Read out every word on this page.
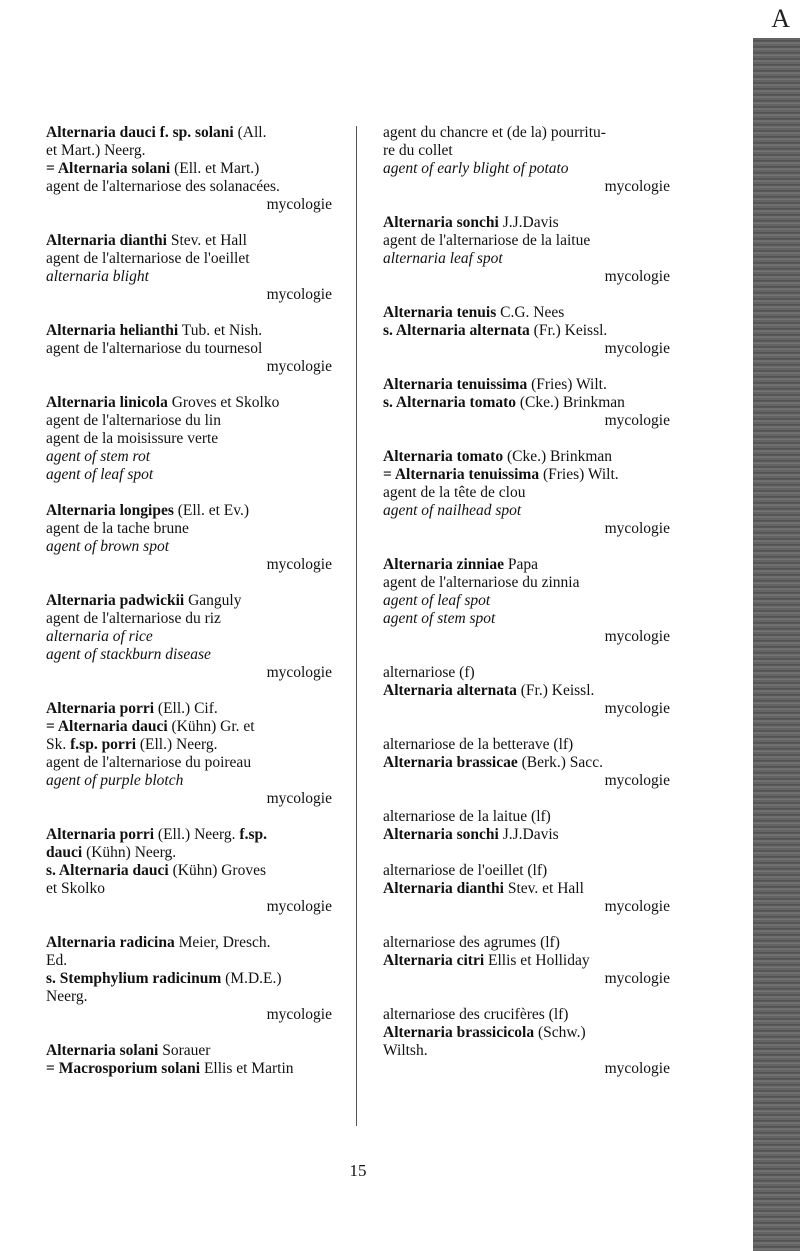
A
Alternaria dauci f. sp. solani (All.
et Mart.) Neerg.
= Alternaria solani (Ell. et Mart.)
agent de l'alternariose des solanacées.
mycologie
Alternaria dianthi Stev. et Hall
agent de l'alternariose de l'oeillet
alternaria blight
mycologie
Alternaria helianthi Tub. et Nish.
agent de l'alternariose du tournesol
mycologie
Alternaria linicola Groves et Skolko
agent de l'alternariose du lin
agent de la moisissure verte
agent of stem rot
agent of leaf spot
Alternaria longipes (Ell. et Ev.)
agent de la tache brune
agent of brown spot
mycologie
Alternaria padwickii Ganguly
agent de l'alternariose du riz
alternaria of rice
agent of stackburn disease
mycologie
Alternaria porri (Ell.) Cif.
= Alternaria dauci (Kühn) Gr. et
Sk. f.sp. porri (Ell.) Neerg.
agent de l'alternariose du poireau
agent of purple blotch
mycologie
Alternaria porri (Ell.) Neerg. f.sp.
dauci (Kühn) Neerg.
s. Alternaria dauci (Kühn) Groves
et Skolko
mycologie
Alternaria radicina Meier, Dresch.
Ed.
s. Stemphylium radicinum (M.D.E.)
Neerg.
mycologie
Alternaria solani Sorauer
= Macrosporium solani Ellis et Martin
agent du chancre et (de la) pourritu-
re du collet
agent of early blight of potato
mycologie
Alternaria sonchi J.J.Davis
agent de l'alternariose de la laitue
alternaria leaf spot
mycologie
Alternaria tenuis C.G. Nees
s. Alternaria alternata (Fr.) Keissl.
mycologie
Alternaria tenuissima (Fries) Wilt.
s. Alternaria tomato (Cke.) Brinkman
mycologie
Alternaria tomato (Cke.) Brinkman
= Alternaria tenuissima (Fries) Wilt.
agent de la tête de clou
agent of nailhead spot
mycologie
Alternaria zinniae Papa
agent de l'alternariose du zinnia
agent of leaf spot
agent of stem spot
mycologie
alternariose (f)
Alternaria alternata (Fr.) Keissl.
mycologie
alternariose de la betterave (lf)
Alternaria brassicae (Berk.) Sacc.
mycologie
alternariose de la laitue (lf)
Alternaria sonchi J.J.Davis
alternariose de l'oeillet (lf)
Alternaria dianthi Stev. et Hall
mycologie
alternariose des agrumes (lf)
Alternaria citri Ellis et Holliday
mycologie
alternariose des crucifères (lf)
Alternaria brassicicola (Schw.)
Wiltsh.
mycologie
15
